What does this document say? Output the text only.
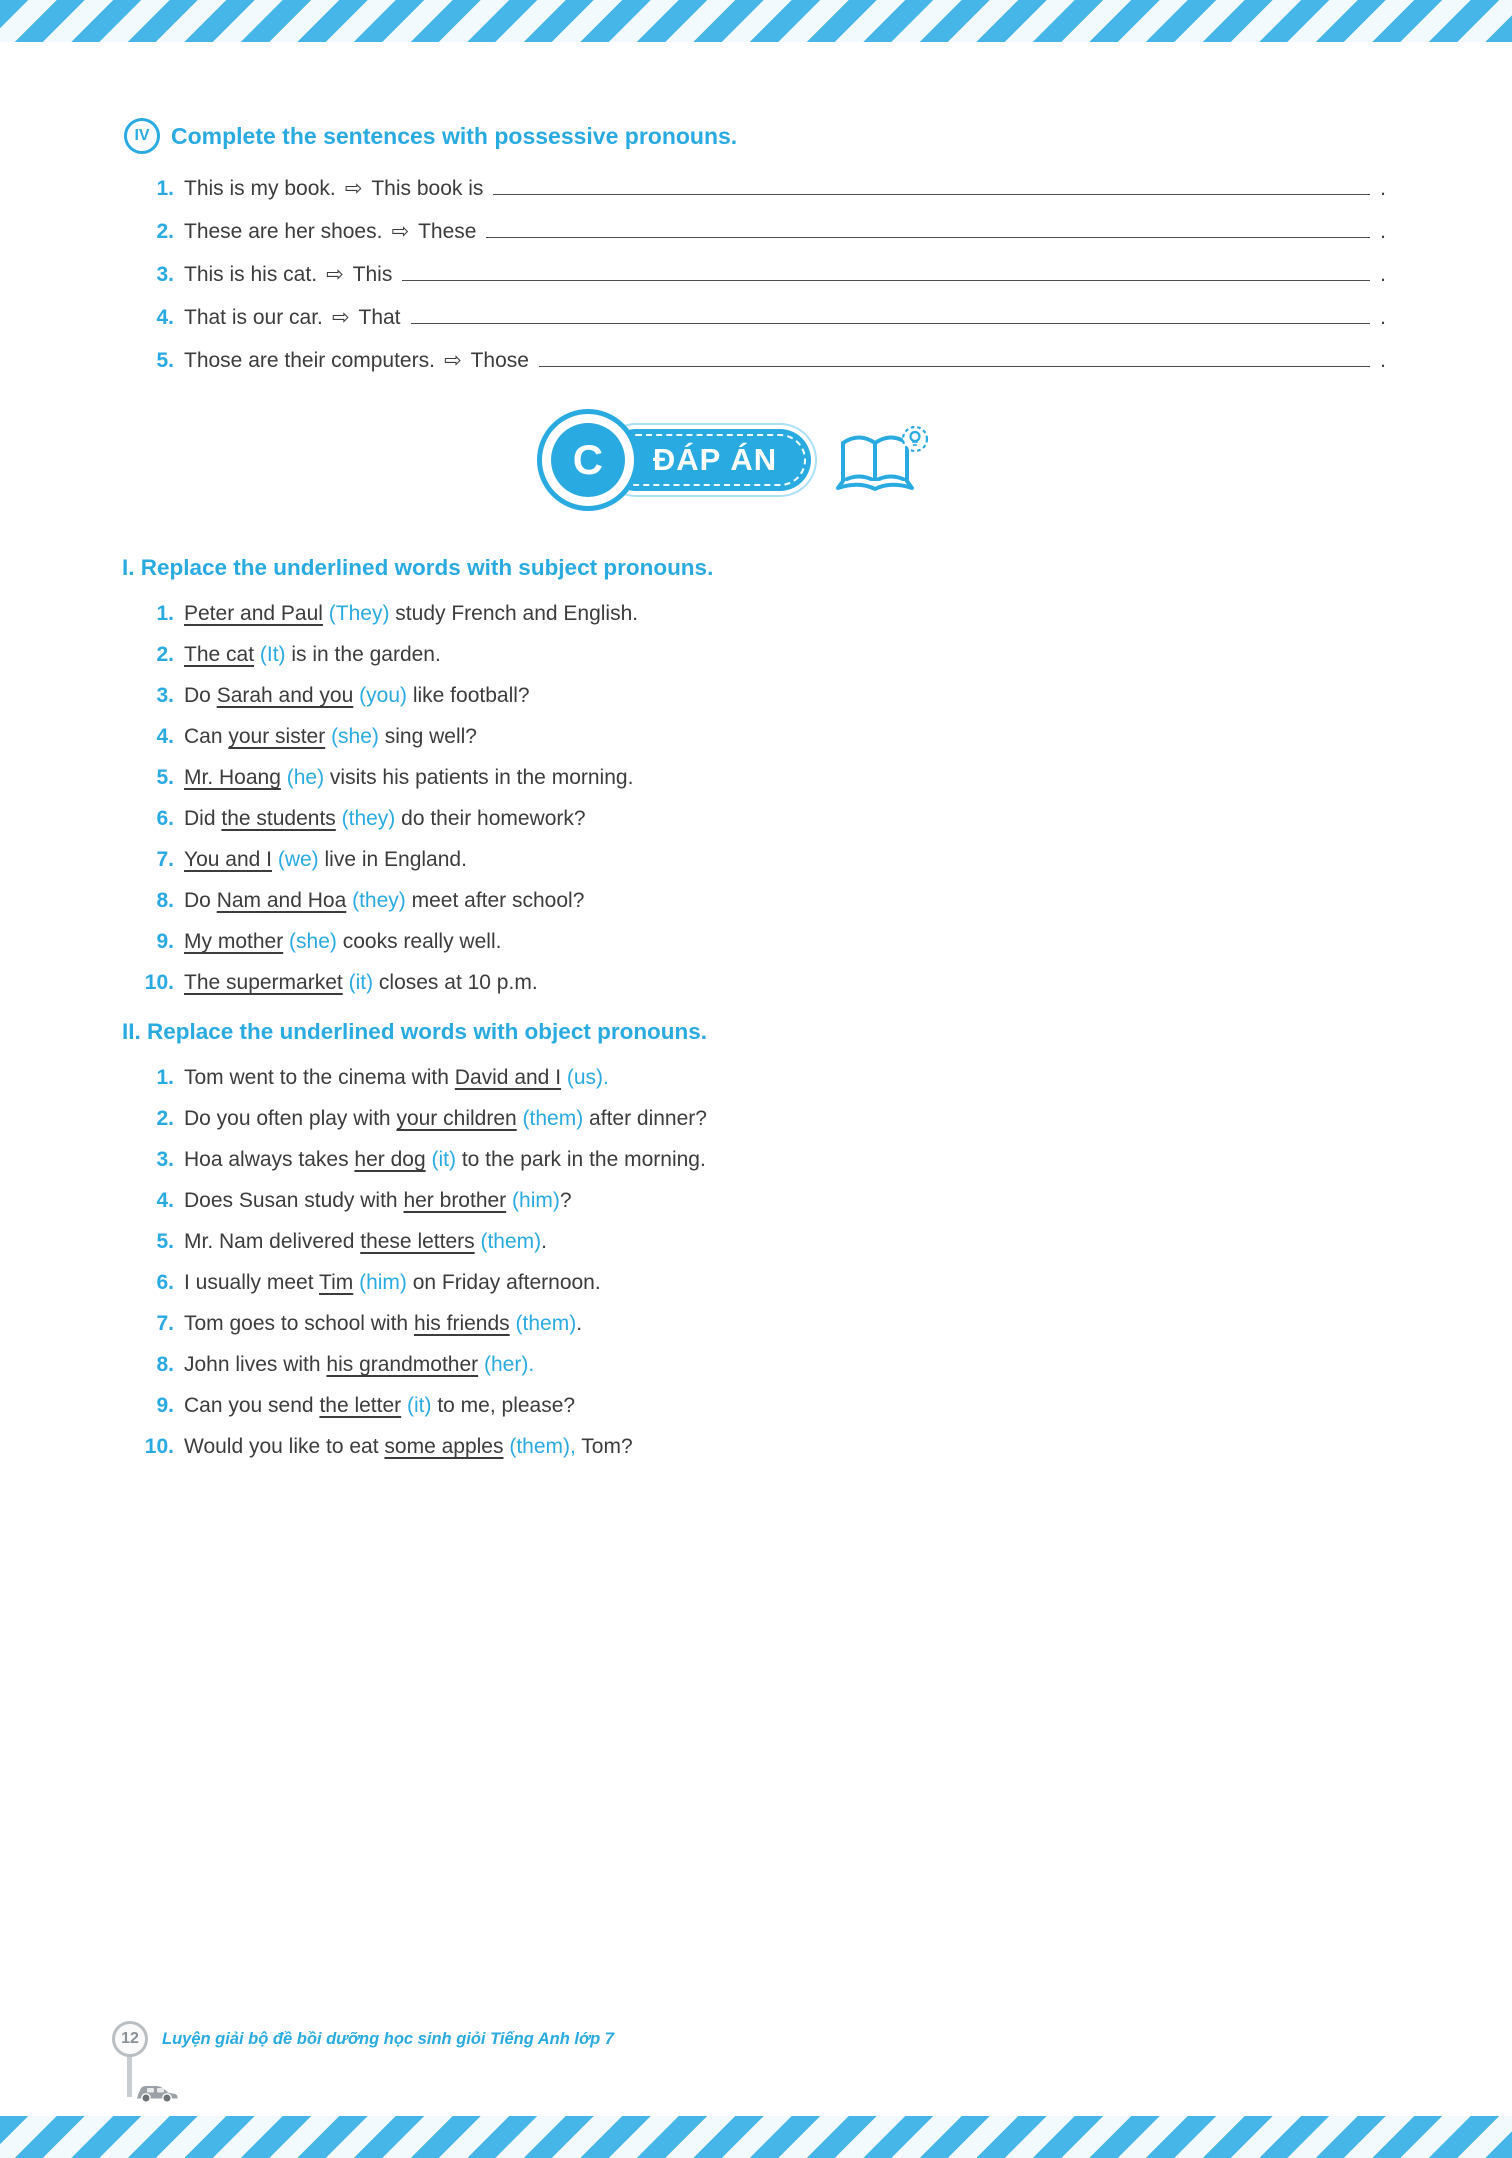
IV Complete the sentences with possessive pronouns.
1. This is my book. ⇨ This book is	.
2. These are her shoes. ⇨ These	.
3. This is his cat. ⇨ This	.
4. That is our car. ⇨ That	.
5. Those are their computers. ⇨ Those	.
C	ĐÁP ÁN
I. Replace the underlined words with subject pronouns.
1. Peter and Paul (They) study French and English.
2. The cat (It) is in the garden.
3. Do Sarah and you (you) like football?
4. Can your sister (she) sing well?
5. Mr. Hoang (he) visits his patients in the morning.
6. Did the students (they) do their homework?
7. You and I (we) live in England.
8. Do Nam and Hoa (they) meet after school?
9. My mother (she) cooks really well.
10. The supermarket (it) closes at 10 p.m.
II. Replace the underlined words with object pronouns.
1. Tom went to the cinema with David and I (us).
2. Do you often play with your children (them) after dinner?
3. Hoa always takes her dog (it) to the park in the morning.
4. Does Susan study with her brother (him)?
5. Mr. Nam delivered these letters (them).
6. I usually meet Tim (him) on Friday afternoon.
7. Tom goes to school with his friends (them).
8. John lives with his grandmother (her).
9. Can you send the letter (it) to me, please?
10. Would you like to eat some apples (them), Tom?
12	Luyện giải bộ đề bồi dưỡng học sinh giỏi Tiếng Anh lớp 7
